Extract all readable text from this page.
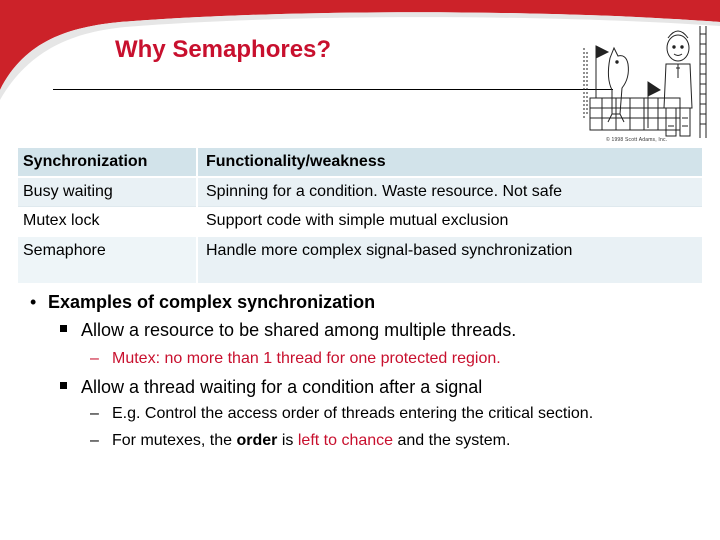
Why Semaphores?
© 1998 Scott Adams, Inc.
Synchronization	Functionality/weakness
Busy waiting	Spinning for a condition. Waste resource. Not safe
Mutex lock	Support code with simple mutual exclusion
Semaphore	Handle more complex signal-based synchronization
• Examples of complex synchronization
Allow a resource to be shared among multiple threads.
– Mutex: no more than 1 thread for one protected region.
Allow a thread waiting for a condition after a signal
– E.g. Control the access order of threads entering the critical section.
– For mutexes, the order is left to chance and the system.
